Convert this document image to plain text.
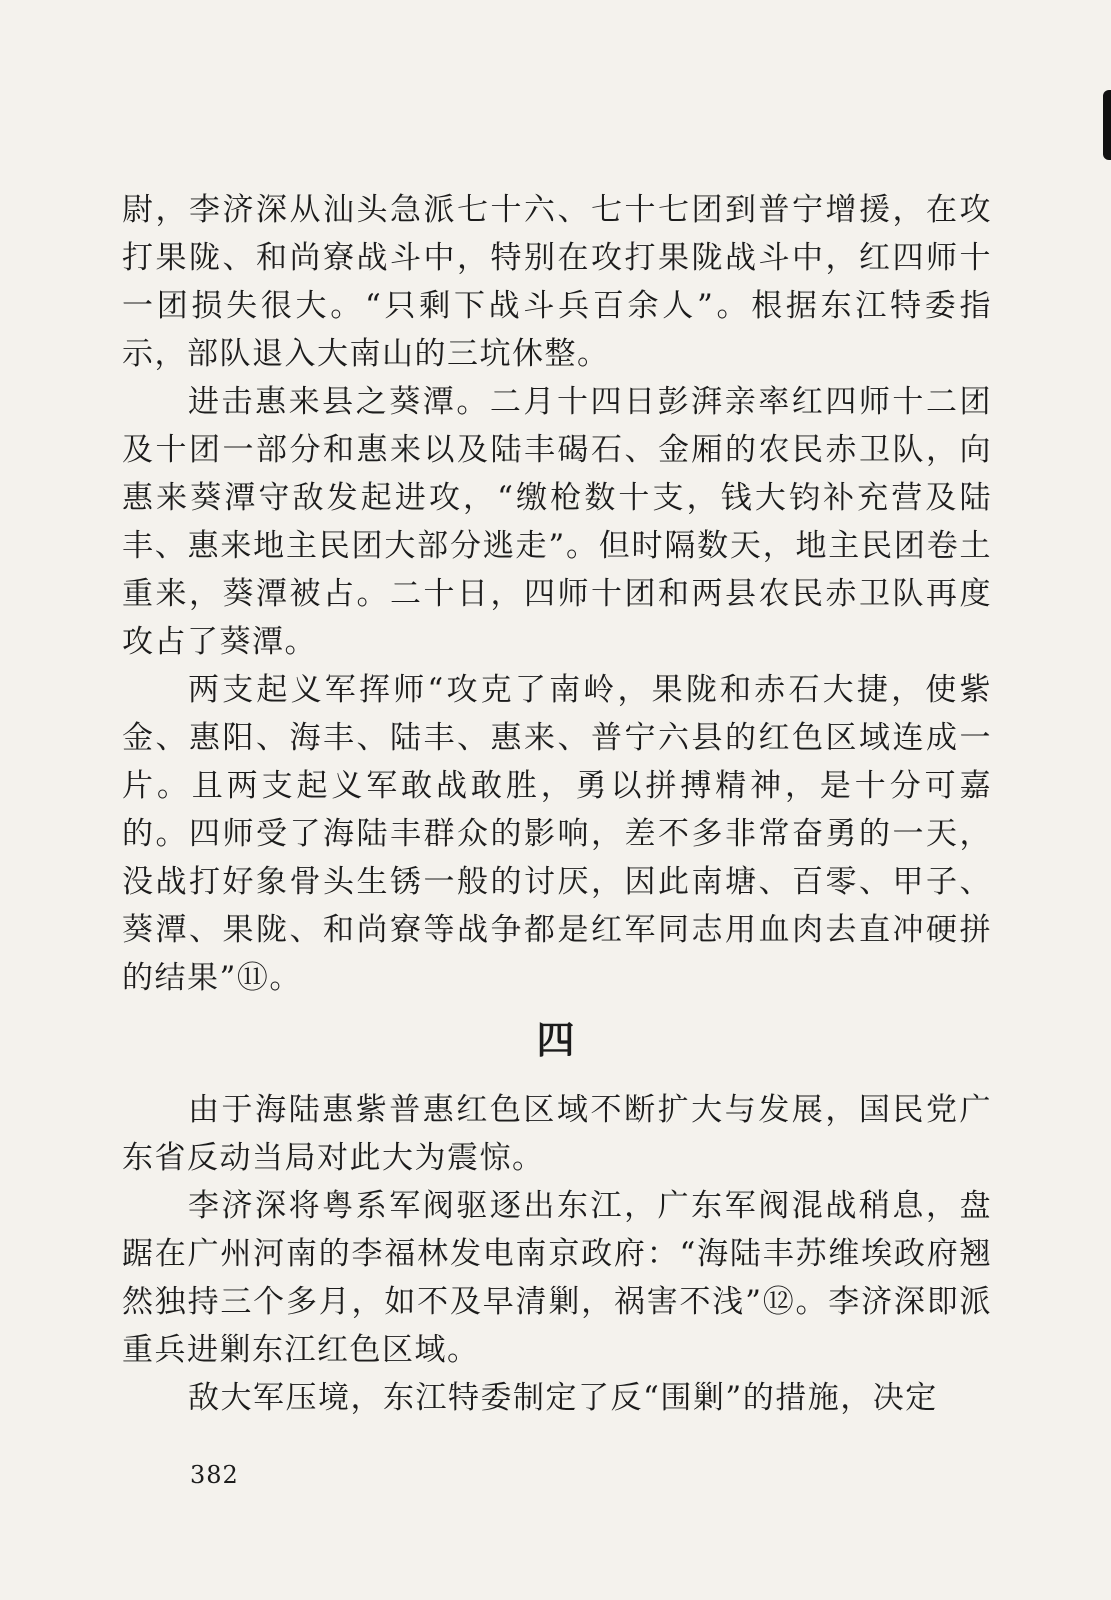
尉，李济深从汕头急派七十六、七十七团到普宁增援，在攻打果陇、和尚寮战斗中，特别在攻打果陇战斗中，红四师十一团损失很大。“只剩下战斗兵百余人”。根据东江特委指示，部队退入大南山的三坑休整。

进击惠来县之葵潭。二月十四日彭湃亲率红四师十二团及十团一部分和惠来以及陆丰碣石、金厢的农民赤卫队，向惠来葵潭守敌发起进攻，“缴枪数十支，钱大钧补充营及陆丰、惠来地主民团大部分逃走”。但时隔数天，地主民团卷土重来，葵潭被占。二十日，四师十团和两县农民赤卫队再度攻占了葵潭。

两支起义军挥师“攻克了南岭，果陇和赤石大捷，使紫金、惠阳、海丰、陆丰、惠来、普宁六县的红色区域连成一片。且两支起义军敢战敢胜，勇以拼搏精神，是十分可嘉的。四师受了海陆丰群众的影响，差不多非常奋勇的一天，没战打好象骨头生锈一般的讨厌，因此南塘、百零、甲子、葵潭、果陇、和尚寮等战争都是红军同志用血肉去直冲硬拼的结果”⑪。

四

由于海陆惠紫普惠红色区域不断扩大与发展，国民党广东省反动当局对此大为震惊。

李济深将粤系军阀驱逐出东江，广东军阀混战稍息，盘踞在广州河南的李福林发电南京政府：“海陆丰苏维埃政府翘然独持三个多月，如不及早清剿，祸害不浅”⑫。李济深即派重兵进剿东江红色区域。

敌大军压境，东江特委制定了反“围剿”的措施，决定

382
